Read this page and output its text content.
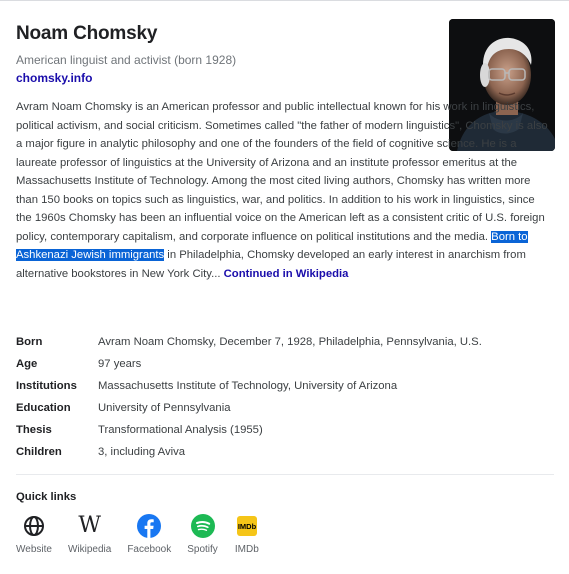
Noam Chomsky
American linguist and activist (born 1928)
chomsky.info
Avram Noam Chomsky is an American professor and public intellectual known for his work in linguistics, political activism, and social criticism. Sometimes called "the father of modern linguistics", Chomsky is also a major figure in analytic philosophy and one of the founders of the field of cognitive science. He is a laureate professor of linguistics at the University of Arizona and an institute professor emeritus at the Massachusetts Institute of Technology. Among the most cited living authors, Chomsky has written more than 150 books on topics such as linguistics, war, and politics. In addition to his work in linguistics, since the 1960s Chomsky has been an influential voice on the American left as a consistent critic of U.S. foreign policy, contemporary capitalism, and corporate influence on political institutions and the media. Born to Ashkenazi Jewish immigrants in Philadelphia, Chomsky developed an early interest in anarchism from alternative bookstores in New York City... Continued in Wikipedia
Born	Avram Noam Chomsky, December 7, 1928, Philadelphia, Pennsylvania, U.S.
Age	97 years
Institutions	Massachusetts Institute of Technology, University of Arizona
Education	University of Pennsylvania
Thesis	Transformational Analysis (1955)
Children	3, including Aviva
Quick links
Website
W
Wikipedia Facebook Spotify
IMDb
IMDb
